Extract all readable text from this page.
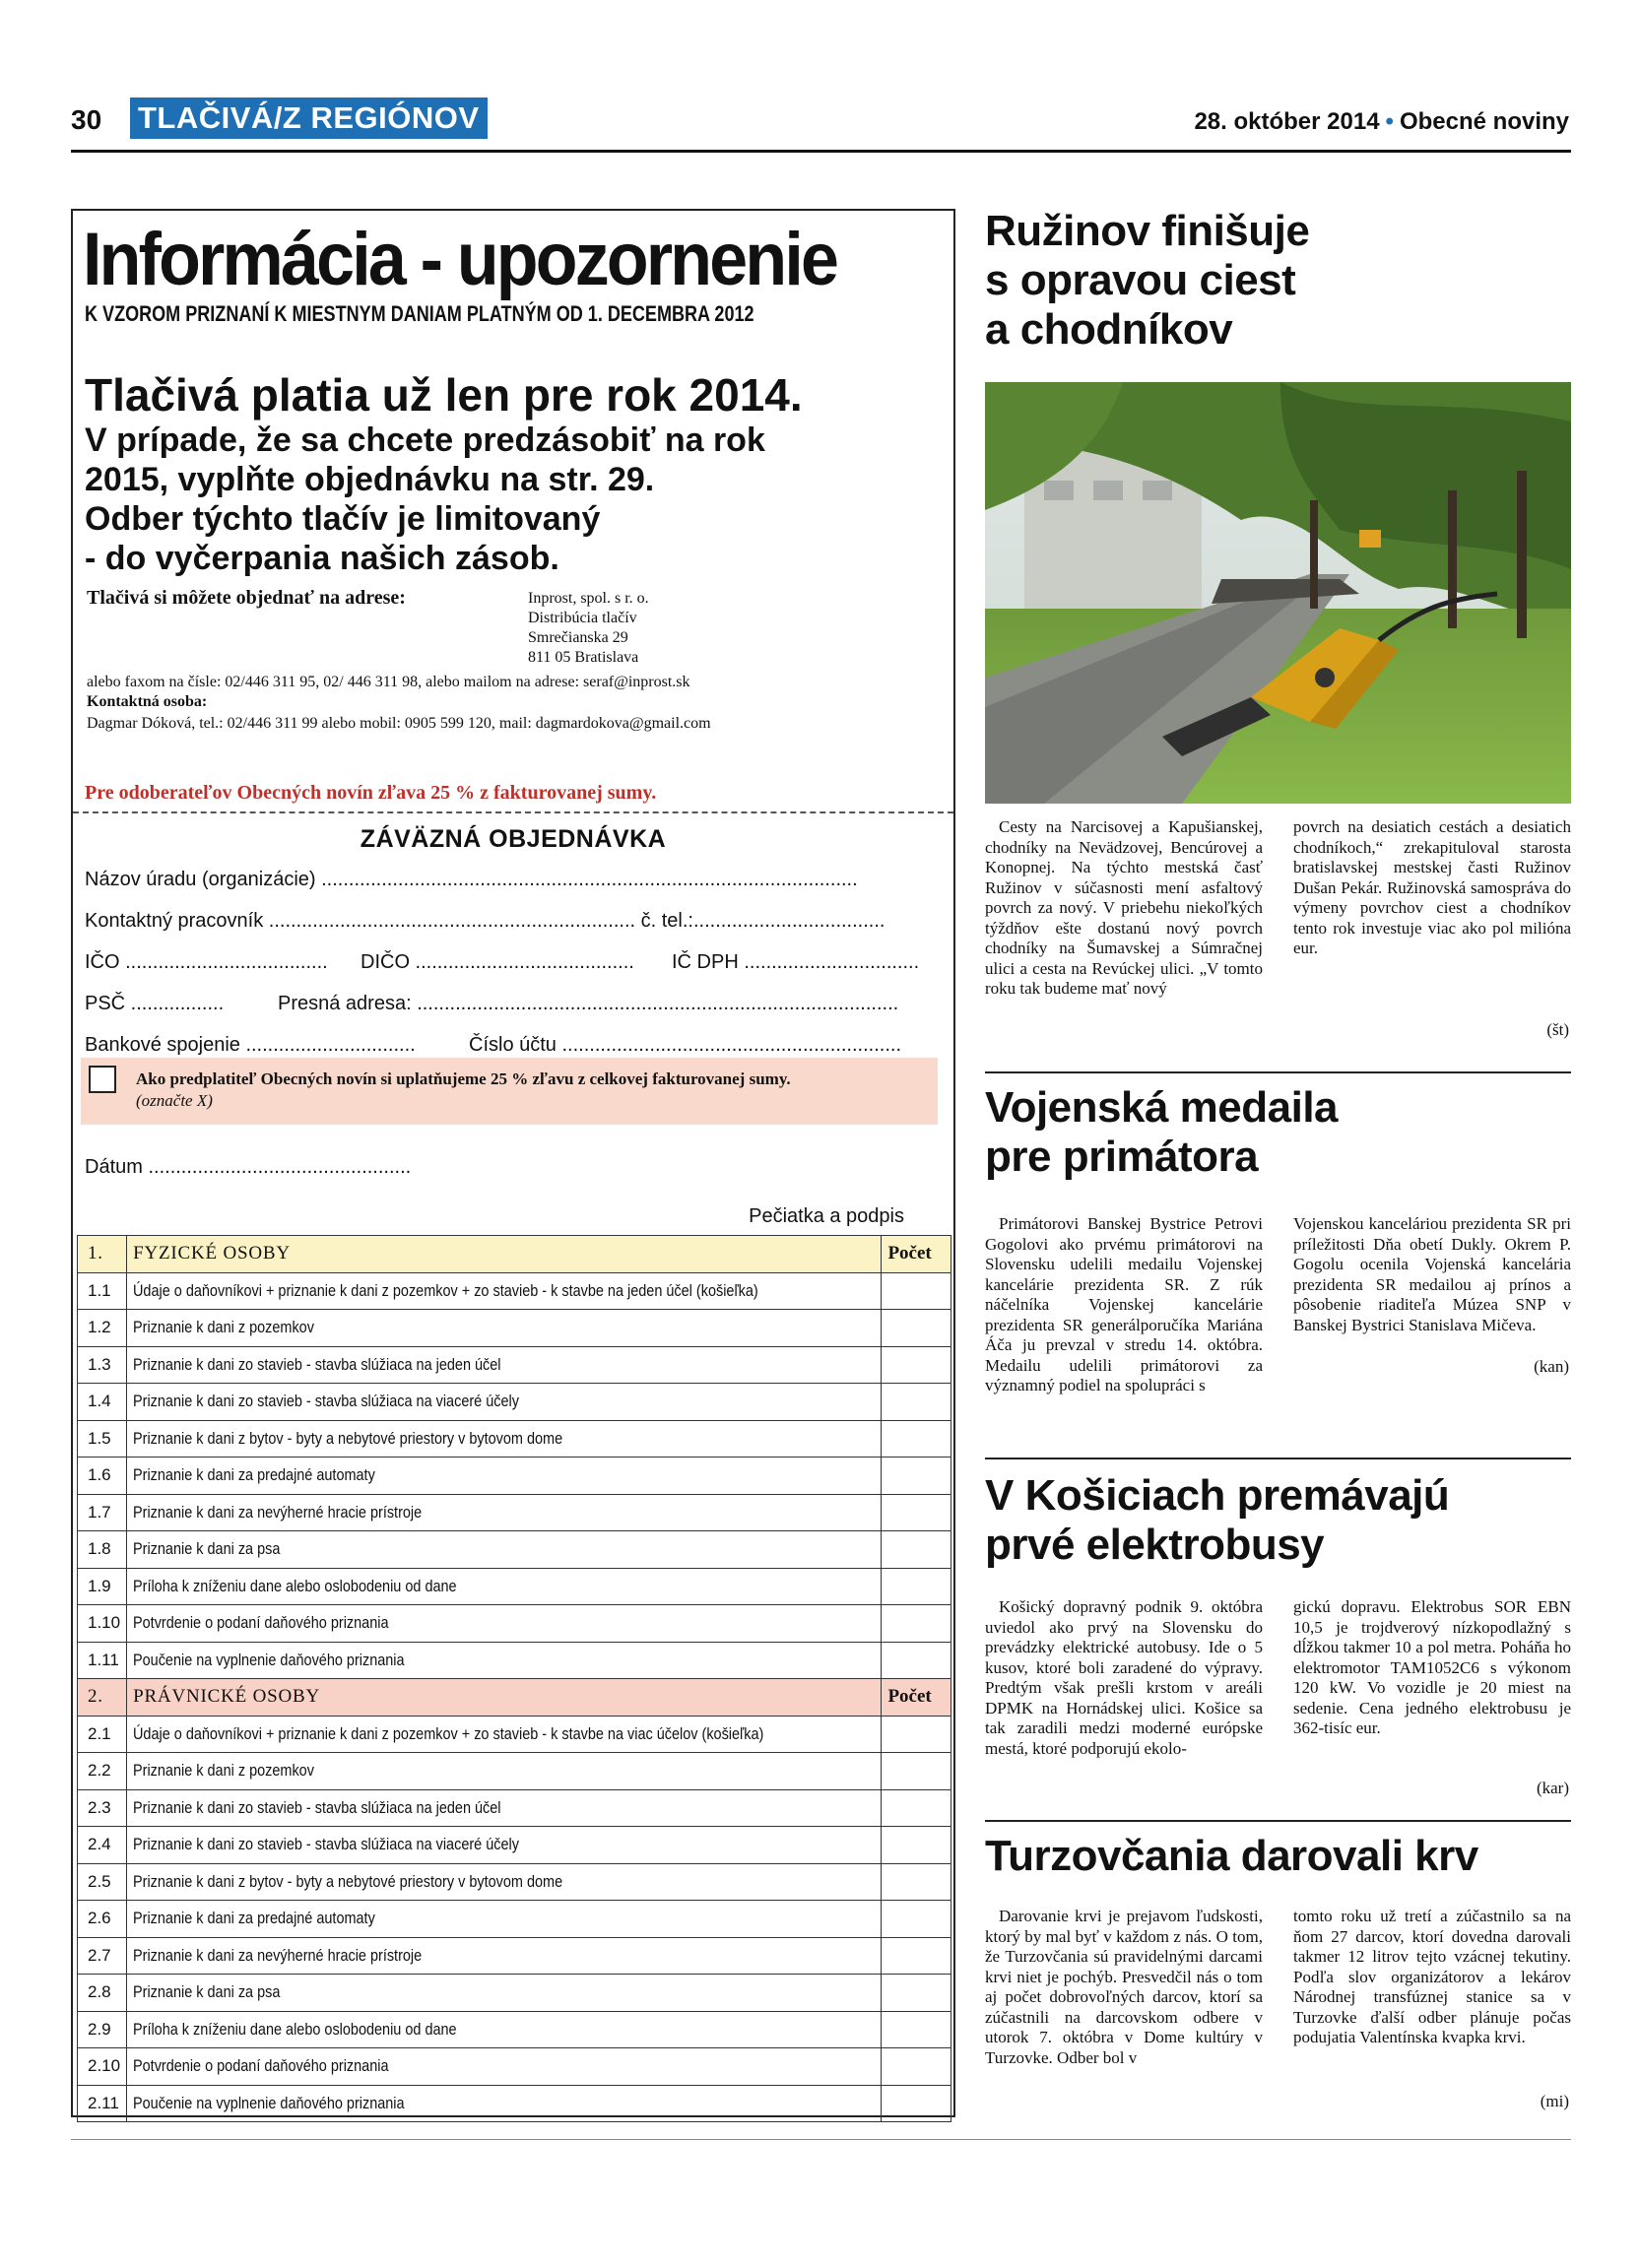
30 TLAČIVÁ/Z REGIÓNOV	28. október 2014 • Obecné noviny
Informácia - upozornenie
K VZOROM PRIZNANÍ K MIESTNYM DANIAM PLATNÝM OD 1. DECEMBRA 2012
Tlačivá platia už len pre rok 2014.
V prípade, že sa chcete predzásobiť na rok
2015, vyplňte objednávku na str. 29.
Odber týchto tlačív je limitovaný
- do vyčerpania našich zásob.
Tlačivá si môžete objednať na adrese:	Inprost, spol. s r. o.
Distribúcia tlačív
Smrečianska 29
811 05 Bratislava
alebo faxom na čísle: 02/446 311 95, 02/ 446 311 98, alebo mailom na adrese: seraf@inprost.sk
Kontaktná osoba:
Dagmar Dóková, tel.: 02/446 311 99 alebo mobil: 0905 599 120, mail: dagmardokova@gmail.com
Pre odoberateľov Obecných novín zľava 25 % z fakturovanej sumy.
ZÁVÄZNÁ OBJEDNÁVKA
Názov úradu (organizácie) ..................................................................................................
Kontaktný pracovník ................................................................... č. tel.:...................................
IČO ..................................... DIČO ........................................ IČ DPH ................................
PSČ .................	Presná adresa: ........................................................................................
Bankové spojenie ...............................	Číslo účtu ..............................................................
Ako predplatiteľ Obecných novín si uplatňujeme 25 % zľavu z celkovej fakturovanej sumy.
(označte X)
Dátum ................................................
Pečiatka a podpis
1.	FYZICKÉ OSOBY	Počet
1.1	Údaje o daňovníkovi + priznanie k dani z pozemkov + zo stavieb - k stavbe na jeden účel (košieľka)	
1.2	Priznanie k dani z pozemkov	
1.3	Priznanie k dani zo stavieb - stavba slúžiaca na jeden účel	
1.4	Priznanie k dani zo stavieb - stavba slúžiaca na viaceré účely	
1.5	Priznanie k dani z bytov - byty a nebytové priestory v bytovom dome	
1.6	Priznanie k dani za predajné automaty	
1.7	Priznanie k dani za nevýherné hracie prístroje	
1.8	Priznanie k dani za psa	
1.9	Príloha k zníženiu dane alebo oslobodeniu od dane	
1.10	Potvrdenie o podaní daňového priznania	
1.11	Poučenie na vyplnenie daňového priznania	
2.	PRÁVNICKÉ OSOBY	Počet
2.1	Údaje o daňovníkovi + priznanie k dani z pozemkov + zo stavieb - k stavbe na viac účelov (košieľka)	
2.2	Priznanie k dani z pozemkov	
2.3	Priznanie k dani zo stavieb - stavba slúžiaca na jeden účel	
2.4	Priznanie k dani zo stavieb - stavba slúžiaca na viaceré účely	
2.5	Priznanie k dani z bytov - byty a nebytové priestory v bytovom dome	
2.6	Priznanie k dani za predajné automaty	
2.7	Priznanie k dani za nevýherné hracie prístroje	
2.8	Priznanie k dani za psa	
2.9	Príloha k zníženiu dane alebo oslobodeniu od dane	
2.10	Potvrdenie o podaní daňového priznania	
2.11	Poučenie na vyplnenie daňového priznania	
Ružinov finišuje
s opravou ciest
a chodníkov

Cesty na Narcisovej a Kapušianskej, chodníky na Nevädzovej, Bencúrovej a Konopnej. Na týchto mestská časť Ružinov v súčasnosti mení asfaltový povrch za nový. V priebehu niekoľkých týždňov ešte dostanú nový povrch chodníky na Šumavskej a Súmračnej ulici a cesta na Revúckej ulici. „V tomto roku tak budeme mať nový

povrch na desiatich cestách a desiatich chodníkoch,“ zrekapituloval starosta bratislavskej mestskej časti Ružinov Dušan Pekár. Ružinovská samospráva do výmeny povrchov ciest a chodníkov tento rok investuje viac ako pol milióna eur.

(št)
Vojenská medaila
pre primátora

Primátorovi Banskej Bystrice Petrovi Gogolovi ako prvému primátorovi na Slovensku udelili medailu Vojenskej kancelárie prezidenta SR. Z rúk náčelníka Vojenskej kancelárie prezidenta SR generálporučíka Mariána Áča ju prevzal v stredu 14. októbra. Medailu udelili primátorovi za významný podiel na spolupráci s

Vojenskou kanceláriou prezidenta SR pri príležitosti Dňa obetí Dukly. Okrem P. Gogolu ocenila Vojenská kancelária prezidenta SR medailou aj prínos a pôsobenie riaditeľa Múzea SNP v Banskej Bystrici Stanislava Mičeva.

(kan)
V Košiciach premávajú
prvé elektrobusy

Košický dopravný podnik 9. októbra uviedol ako prvý na Slovensku do prevádzky elektrické autobusy. Ide o 5 kusov, ktoré boli zaradené do výpravy. Predtým však prešli krstom v areáli DPMK na Hornádskej ulici. Košice sa tak zaradili medzi moderné európske mestá, ktoré podporujú ekolo-

gickú dopravu. Elektrobus SOR EBN 10,5 je trojdverový nízkopodlažný s dĺžkou takmer 10 a pol metra. Poháňa ho elektromotor TAM1052C6 s výkonom 120 kW. Vo vozidle je 20 miest na sedenie. Cena jedného elektrobusu je 362-tisíc eur.

(kar)
Turzovčania darovali krv

Darovanie krvi je prejavom ľudskosti, ktorý by mal byť v každom z nás. O tom, že Turzovčania sú pravidelnými darcami krvi niet je pochýb. Presvedčil nás o tom aj počet dobrovoľných darcov, ktorí sa zúčastnili na darcovskom odbere v utorok 7. októbra v Dome kultúry v Turzovke. Odber bol v

tomto roku už tretí a zúčastnilo sa na ňom 27 darcov, ktorí dovedna darovali takmer 12 litrov tejto vzácnej tekutiny. Podľa slov organizátorov a lekárov Národnej transfúznej stanice sa v Turzovke ďalší odber plánuje počas podujatia Valentínska kvapka krvi.

(mi)
